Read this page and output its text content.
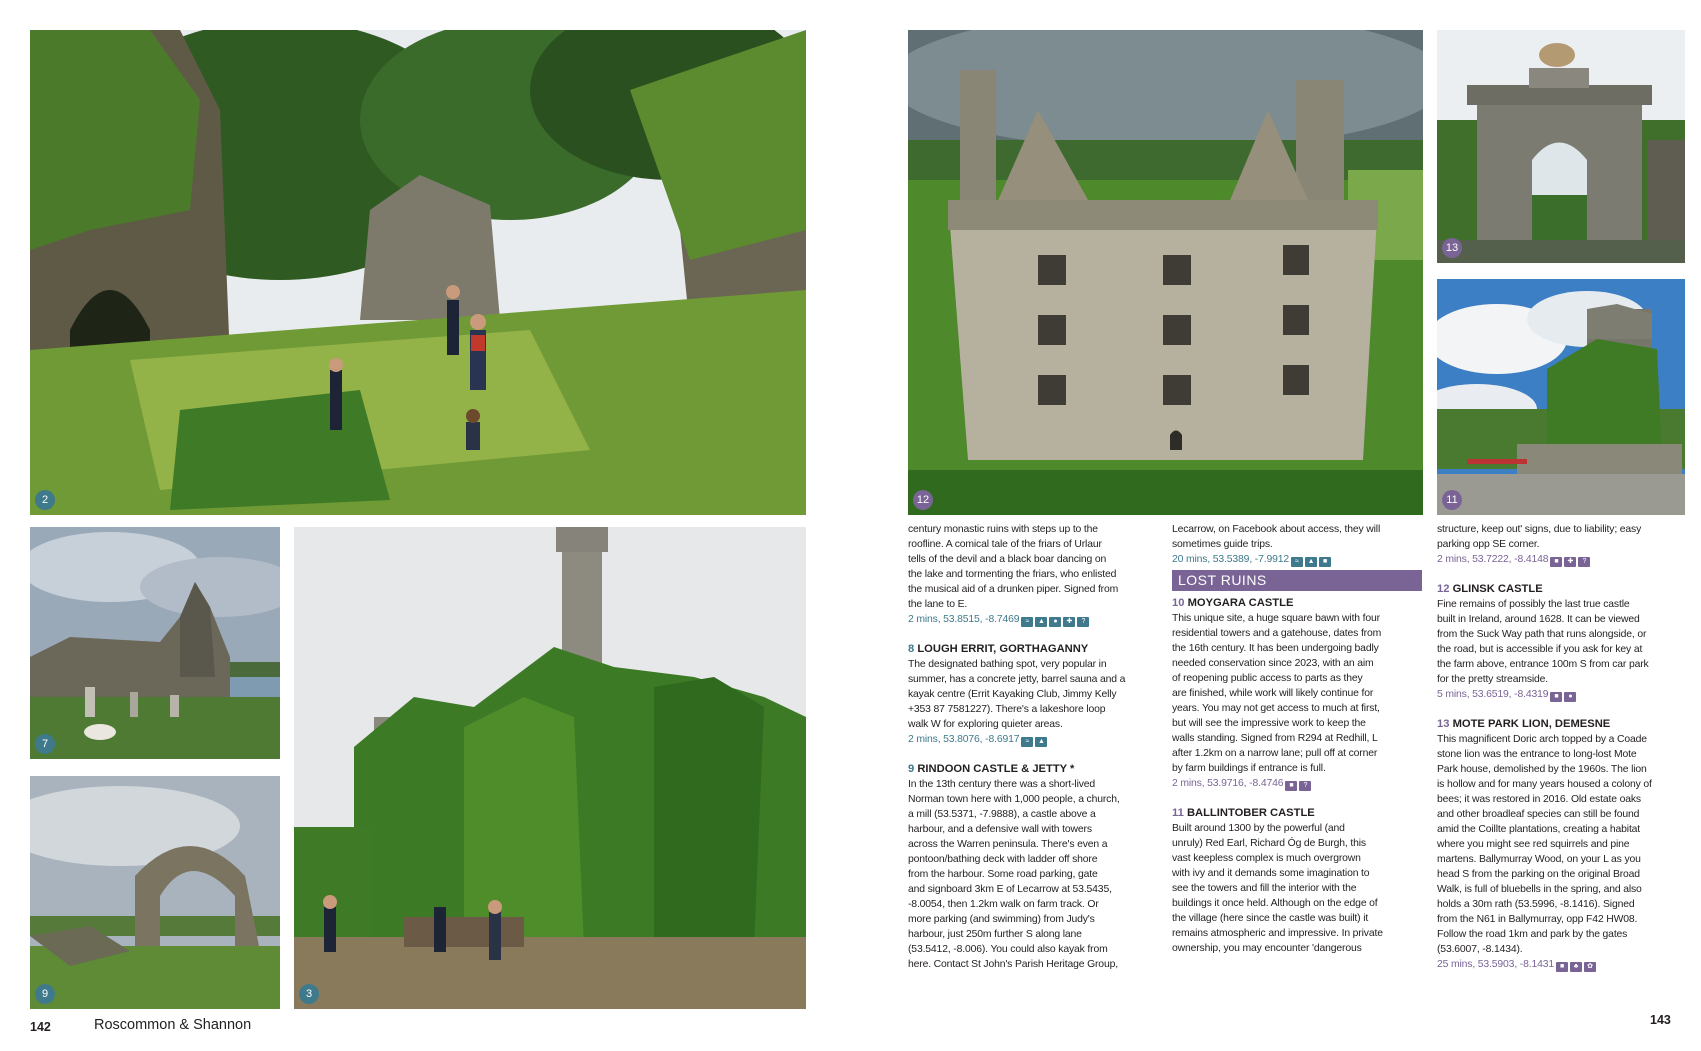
2
7
9	3
12
13
11

century monastic ruins with steps up to the

roofline. A comical tale of the friars of Urlaur

tells of the devil and a black boar dancing on

the lake and tormenting the friars, who enlisted

the musical aid of a drunken piper. Signed from

the lane to E.

2 mins, 53.8515, -8.7469 ≈ ▲ ● ✚ ?

8 LOUGH ERRIT, GORTHAGANNY

The designated bathing spot, very popular in

summer, has a concrete jetty, barrel sauna and a

kayak centre (Errit Kayaking Club, Jimmy Kelly

+353 87 7581227). There's a lakeshore loop

walk W for exploring quieter areas.

2 mins, 53.8076, -8.6917 ≈ ▲

9 RINDOON CASTLE & JETTY *

In the 13th century there was a short-lived

Norman town here with 1,000 people, a church,

a mill (53.5371, -7.9888), a castle above a

harbour, and a defensive wall with towers

across the Warren peninsula. There's even a

pontoon/bathing deck with ladder off shore

from the harbour. Some road parking, gate

and signboard 3km E of Lecarrow at 53.5435,

-8.0054, then 1.2km walk on farm track. Or

more parking (and swimming) from Judy's

harbour, just 250m further S along lane

(53.5412, -8.006). You could also kayak from

here. Contact St John's Parish Heritage Group,

Lecarrow, on Facebook about access, they will

sometimes guide trips.

20 mins, 53.5389, -7.9912 ≈ ▲ ■

LOST RUINS

10 MOYGARA CASTLE

This unique site, a huge square bawn with four

residential towers and a gatehouse, dates from

the 16th century. It has been undergoing badly

needed conservation since 2023, with an aim

of reopening public access to parts as they

are finished, while work will likely continue for

years. You may not get access to much at first,

but will see the impressive work to keep the

walls standing. Signed from R294 at Redhill, L

after 1.2km on a narrow lane; pull off at corner

by farm buildings if entrance is full.

2 mins, 53.9716, -8.4746 ■ ?

11 BALLINTOBER CASTLE

Built around 1300 by the powerful (and

unruly) Red Earl, Richard Óg de Burgh, this

vast keepless complex is much overgrown

with ivy and it demands some imagination to

see the towers and fill the interior with the

buildings it once held. Although on the edge of

the village (here since the castle was built) it

remains atmospheric and impressive. In private

ownership, you may encounter 'dangerous

structure, keep out' signs, due to liability; easy

parking opp SE corner.

2 mins, 53.7222, -8.4148 ■ ✚ ?

12 GLINSK CASTLE

Fine remains of possibly the last true castle

built in Ireland, around 1628. It can be viewed

from the Suck Way path that runs alongside, or

the road, but is accessible if you ask for key at

the farm above, entrance 100m S from car park

for the pretty streamside.

5 mins, 53.6519, -8.4319 ■ ●

13 MOTE PARK LION, DEMESNE

This magnificent Doric arch topped by a Coade

stone lion was the entrance to long-lost Mote

Park house, demolished by the 1960s. The lion

is hollow and for many years housed a colony of

bees; it was restored in 2016. Old estate oaks

and other broadleaf species can still be found

amid the Coillte plantations, creating a habitat

where you might see red squirrels and pine

martens. Ballymurray Wood, on your L as you

head S from the parking on the original Broad

Walk, is full of bluebells in the spring, and also

holds a 30m rath (53.5996, -8.1416). Signed

from the N61 in Ballymurray, opp F42 HW08.

Follow the road 1km and park by the gates

(53.6007, -8.1434).

25 mins, 53.5903, -8.1431 ■ ♣ ✿

142	Roscommon & Shannon	143
